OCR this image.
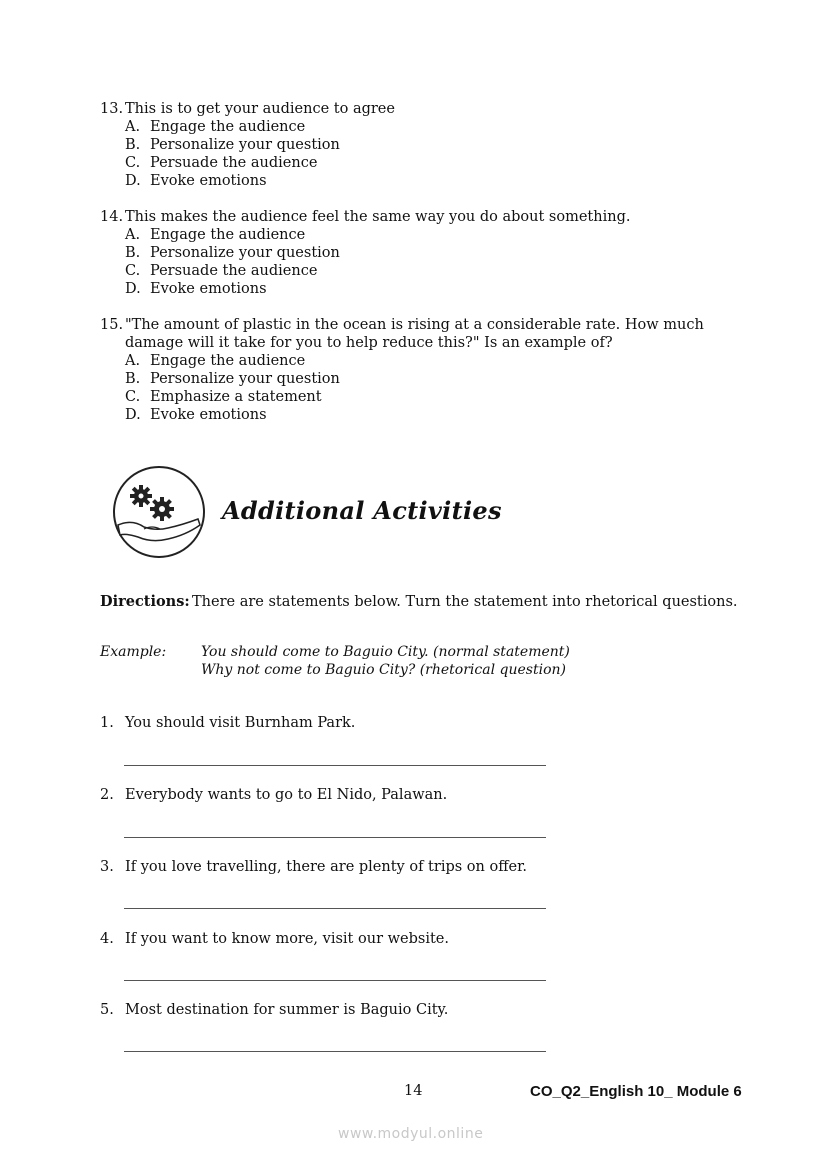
13. This is to get your audience to agree
A. Engage the audience
B. Personalize your question
C. Persuade the audience
D. Evoke emotions
14. This makes the audience feel the same way you do about something.
A. Engage the audience
B. Personalize your question
C. Persuade the audience
D. Evoke emotions
15. "The amount of plastic in the ocean is rising at a considerable rate. How much damage will it take for you to help reduce this?" Is an example of?
A. Engage the audience
B. Personalize your question
C. Emphasize a statement
D. Evoke emotions
Additional Activities
Directions: There are statements below. Turn the statement into rhetorical questions.
Example:	You should come to Baguio City. (normal statement)
Why not come to Baguio City? (rhetorical question)
1. You should visit Burnham Park.
2. Everybody wants to go to El Nido, Palawan.
3. If you love travelling, there are plenty of trips on offer.
4. If you want to know more, visit our website.
5. Most destination for summer is Baguio City.
14	CO_Q2_English 10_ Module 6
www.modyul.online
